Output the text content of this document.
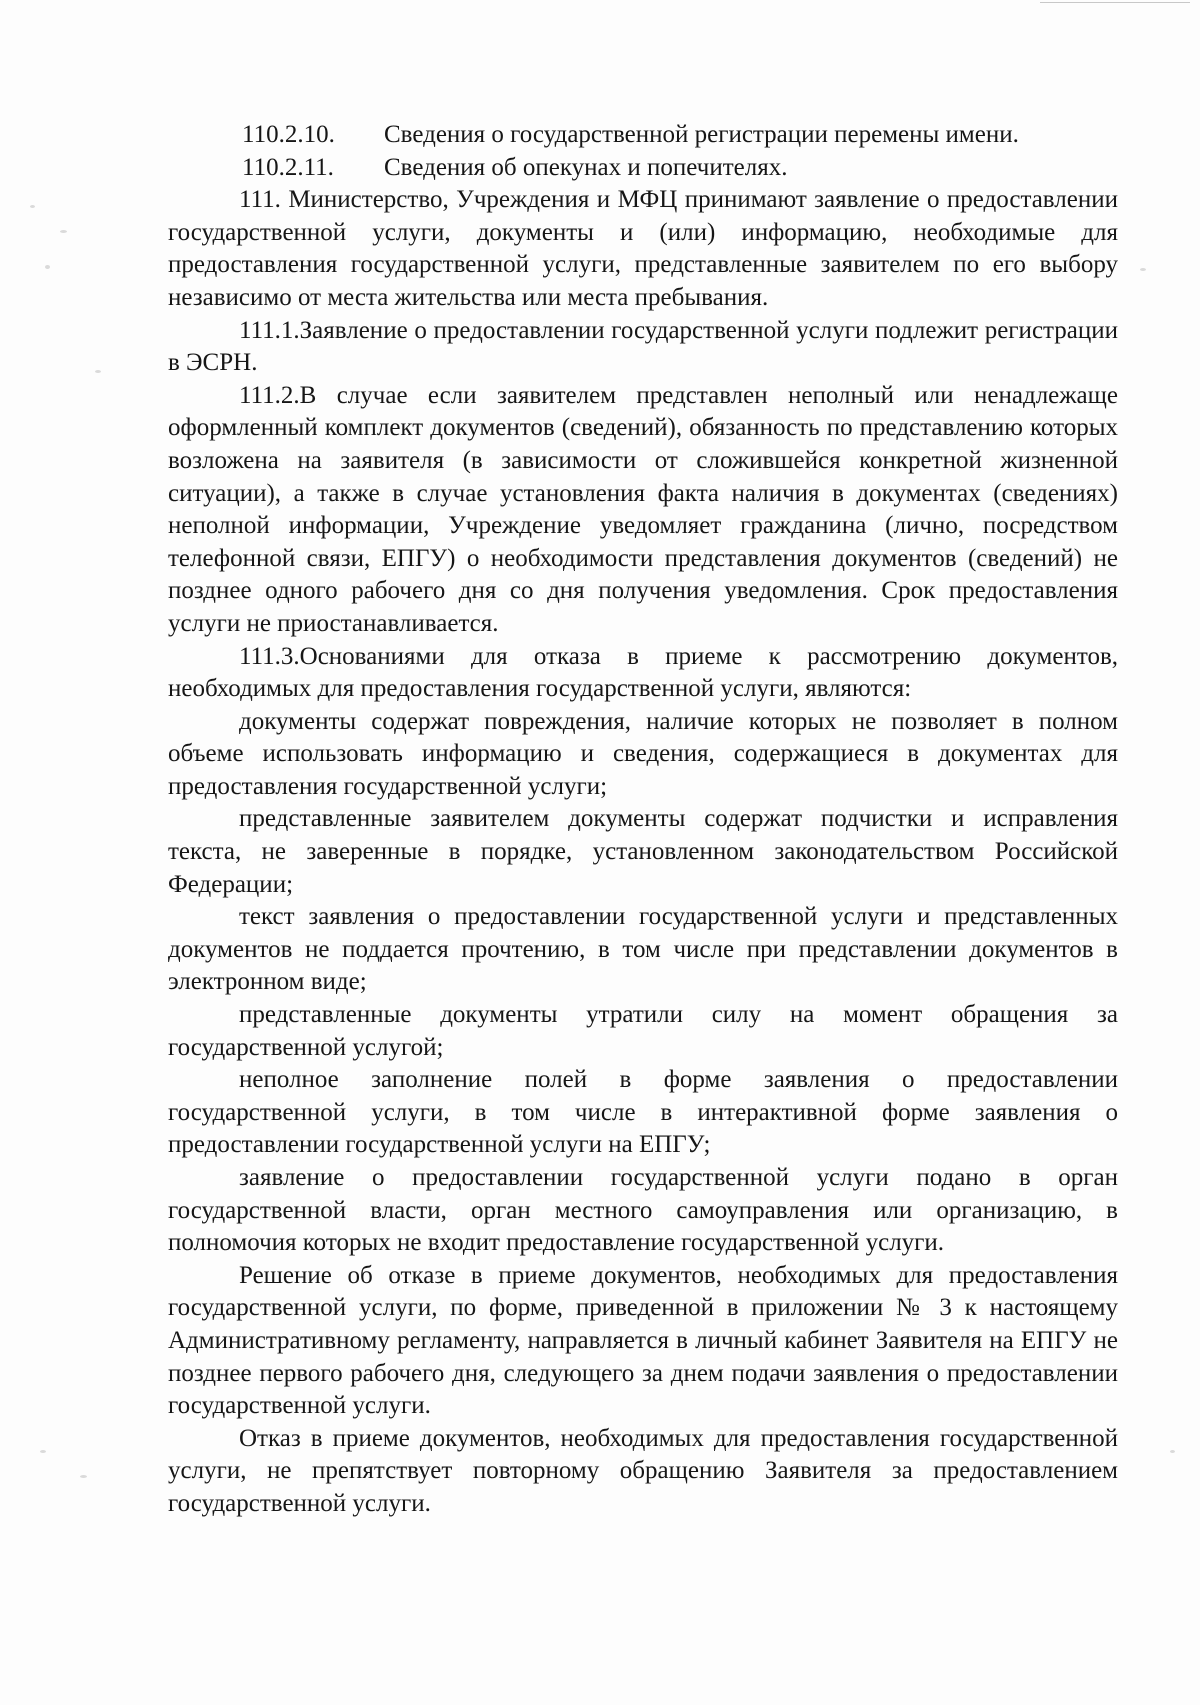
110.2.10.	Сведения о государственной регистрации перемены имени.
110.2.11.	Сведения об опекунах и попечителях.

111. Министерство, Учреждения и МФЦ принимают заявление о предоставлении государственной услуги, документы и (или) информацию, необходимые для предоставления государственной услуги, представленные заявителем по его выбору независимо от места жительства или места пребывания.

111.1.Заявление о предоставлении государственной услуги подлежит регистрации в ЭСРН.

111.2.В случае если заявителем представлен неполный или ненадлежаще оформленный комплект документов (сведений), обязанность по представлению которых возложена на заявителя (в зависимости от сложившейся конкретной жизненной ситуации), а также в случае установления факта наличия в документах (сведениях) неполной информации, Учреждение уведомляет гражданина (лично, посредством телефонной связи, ЕПГУ) о необходимости представления документов (сведений) не позднее одного рабочего дня со дня получения уведомления. Срок предоставления услуги не приостанавливается.

111.3.Основаниями для отказа в приеме к рассмотрению документов, необходимых для предоставления государственной услуги, являются:

документы содержат повреждения, наличие которых не позволяет в полном объеме использовать информацию и сведения, содержащиеся в документах для предоставления государственной услуги;

представленные заявителем документы содержат подчистки и исправления текста, не заверенные в порядке, установленном законодательством Российской Федерации;

текст заявления о предоставлении государственной услуги и представленных документов не поддается прочтению, в том числе при представлении документов в электронном виде;

представленные документы утратили силу на момент обращения за государственной услугой;

неполное заполнение полей в форме заявления о предоставлении государственной услуги, в том числе в интерактивной форме заявления о предоставлении государственной услуги на ЕПГУ;

заявление о предоставлении государственной услуги подано в орган государственной власти, орган местного самоуправления или организацию, в полномочия которых не входит предоставление государственной услуги.

Решение об отказе в приеме документов, необходимых для предоставления государственной услуги, по форме, приведенной в приложении № 3 к настоящему Административному регламенту, направляется в личный кабинет Заявителя на ЕПГУ не позднее первого рабочего дня, следующего за днем подачи заявления о предоставлении государственной услуги.

Отказ в приеме документов, необходимых для предоставления государственной услуги, не препятствует повторному обращению Заявителя за предоставлением государственной услуги.
